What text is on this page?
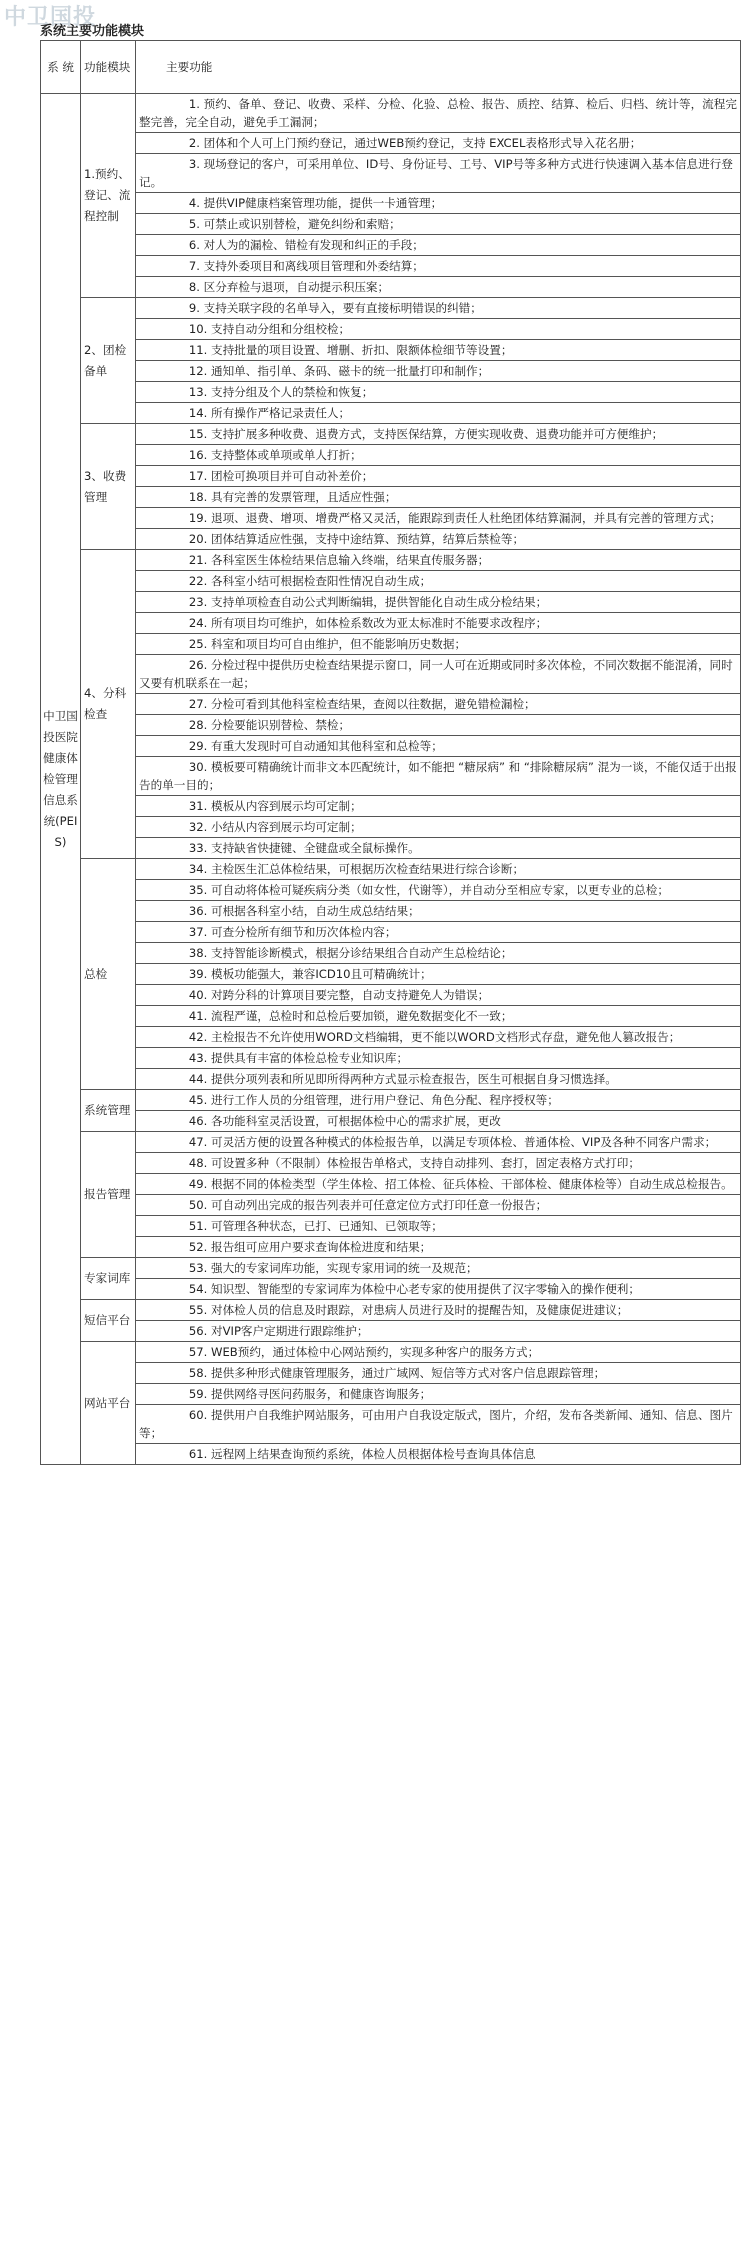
中卫国投
系统主要功能模块
系 统	功能模块	主要功能
中卫国投医院健康体检管理信息系统(PEIS)	1.预约、登记、流程控制	1. 预约、备单、登记、收费、采样、分检、化验、总检、报告、质控、结算、检后、归档、统计等，流程完整完善，完全自动，避免手工漏洞；
		2. 团体和个人可上门预约登记，通过WEB预约登记，支持 EXCEL表格形式导入花名册；
		3. 现场登记的客户，可采用单位、ID号、身份证号、工号、VIP号等多种方式进行快速调入基本信息进行登记。
		4. 提供VIP健康档案管理功能，提供一卡通管理；
		5. 可禁止或识别替检，避免纠纷和索赔；
		6. 对人为的漏检、错检有发现和纠正的手段；
		7. 支持外委项目和离线项目管理和外委结算；
		8. 区分弃检与退项，自动提示积压案；
	2、团检备单	9. 支持关联字段的名单导入，要有直接标明错误的纠错；
		10. 支持自动分组和分组校检；
		11. 支持批量的项目设置、增删、折扣、限额体检细节等设置；
		12. 通知单、指引单、条码、磁卡的统一批量打印和制作；
		13. 支持分组及个人的禁检和恢复；
		14. 所有操作严格记录责任人；
	3、收费管理	15. 支持扩展多种收费、退费方式，支持医保结算，方便实现收费、退费功能并可方便维护；
		16. 支持整体或单项或单人打折；
		17. 团检可换项目并可自动补差价；
		18. 具有完善的发票管理，且适应性强；
		19. 退项、退费、增项、增费严格又灵活，能跟踪到责任人杜绝团体结算漏洞，并具有完善的管理方式；
		20. 团体结算适应性强，支持中途结算、预结算，结算后禁检等；
	4、分科检查	21. 各科室医生体检结果信息输入终端，结果直传服务器；
		22. 各科室小结可根据检查阳性情况自动生成；
		23. 支持单项检查自动公式判断编辑，提供智能化自动生成分检结果；
		24. 所有项目均可维护，如体检系数改为亚太标准时不能要求改程序；
		25. 科室和项目均可自由维护，但不能影响历史数据；
		26. 分检过程中提供历史检查结果提示窗口，同一人可在近期或同时多次体检，不同次数据不能混淆，同时又要有机联系在一起；
		27. 分检可看到其他科室检查结果，查阅以往数据，避免错检漏检；
		28. 分检要能识别替检、禁检；
		29. 有重大发现时可自动通知其他科室和总检等；
		30. 模板要可精确统计而非文本匹配统计，如不能把 “糖尿病” 和 “排除糖尿病” 混为一谈，不能仅适于出报告的单一目的；
		31. 模板从内容到展示均可定制；
		32. 小结从内容到展示均可定制；
		33. 支持缺省快捷键、全键盘或全鼠标操作。
	总检	34. 主检医生汇总体检结果，可根据历次检查结果进行综合诊断；
		35. 可自动将体检可疑疾病分类（如女性，代谢等），并自动分至相应专家，以更专业的总检；
		36. 可根据各科室小结，自动生成总结结果；
		37. 可查分检所有细节和历次体检内容；
		38. 支持智能诊断模式，根据分诊结果组合自动产生总检结论；
		39. 模板功能强大，兼容ICD10且可精确统计；
		40. 对跨分科的计算项目要完整，自动支持避免人为错误；
		41. 流程严谨，总检时和总检后要加锁，避免数据变化不一致；
		42. 主检报告不允许使用WORD文档编辑，更不能以WORD文档形式存盘，避免他人篡改报告；
		43. 提供具有丰富的体检总检专业知识库；
		44. 提供分项列表和所见即所得两种方式显示检查报告，医生可根据自身习惯选择。
	系统管理	45. 进行工作人员的分组管理，进行用户登记、角色分配、程序授权等；
		46. 各功能科室灵活设置，可根据体检中心的需求扩展，更改
	报告管理	47. 可灵活方便的设置各种模式的体检报告单，以满足专项体检、普通体检、VIP及各种不同客户需求；
		48. 可设置多种（不限制）体检报告单格式，支持自动排列、套打，固定表格方式打印；
		49. 根据不同的体检类型（学生体检、招工体检、征兵体检、干部体检、健康体检等）自动生成总检报告。
		50. 可自动列出完成的报告列表并可任意定位方式打印任意一份报告；
		51. 可管理各种状态，已打、已通知、已领取等；
		52. 报告组可应用户要求查询体检进度和结果；
	专家词库	53. 强大的专家词库功能，实现专家用词的统一及规范；
		54. 知识型、智能型的专家词库为体检中心老专家的使用提供了汉字零输入的操作便利；
	短信平台	55. 对体检人员的信息及时跟踪，对患病人员进行及时的提醒告知，及健康促进建议；
		56. 对VIP客户定期进行跟踪维护；
	网站平台	57. WEB预约，通过体检中心网站预约，实现多种客户的服务方式；
		58. 提供多种形式健康管理服务，通过广域网、短信等方式对客户信息跟踪管理；
		59. 提供网络寻医问药服务，和健康咨询服务；
		60. 提供用户自我维护网站服务，可由用户自我设定版式，图片，介绍，发布各类新闻、通知、信息、图片等；
		61. 远程网上结果查询预约系统，体检人员根据体检号查询具体信息
